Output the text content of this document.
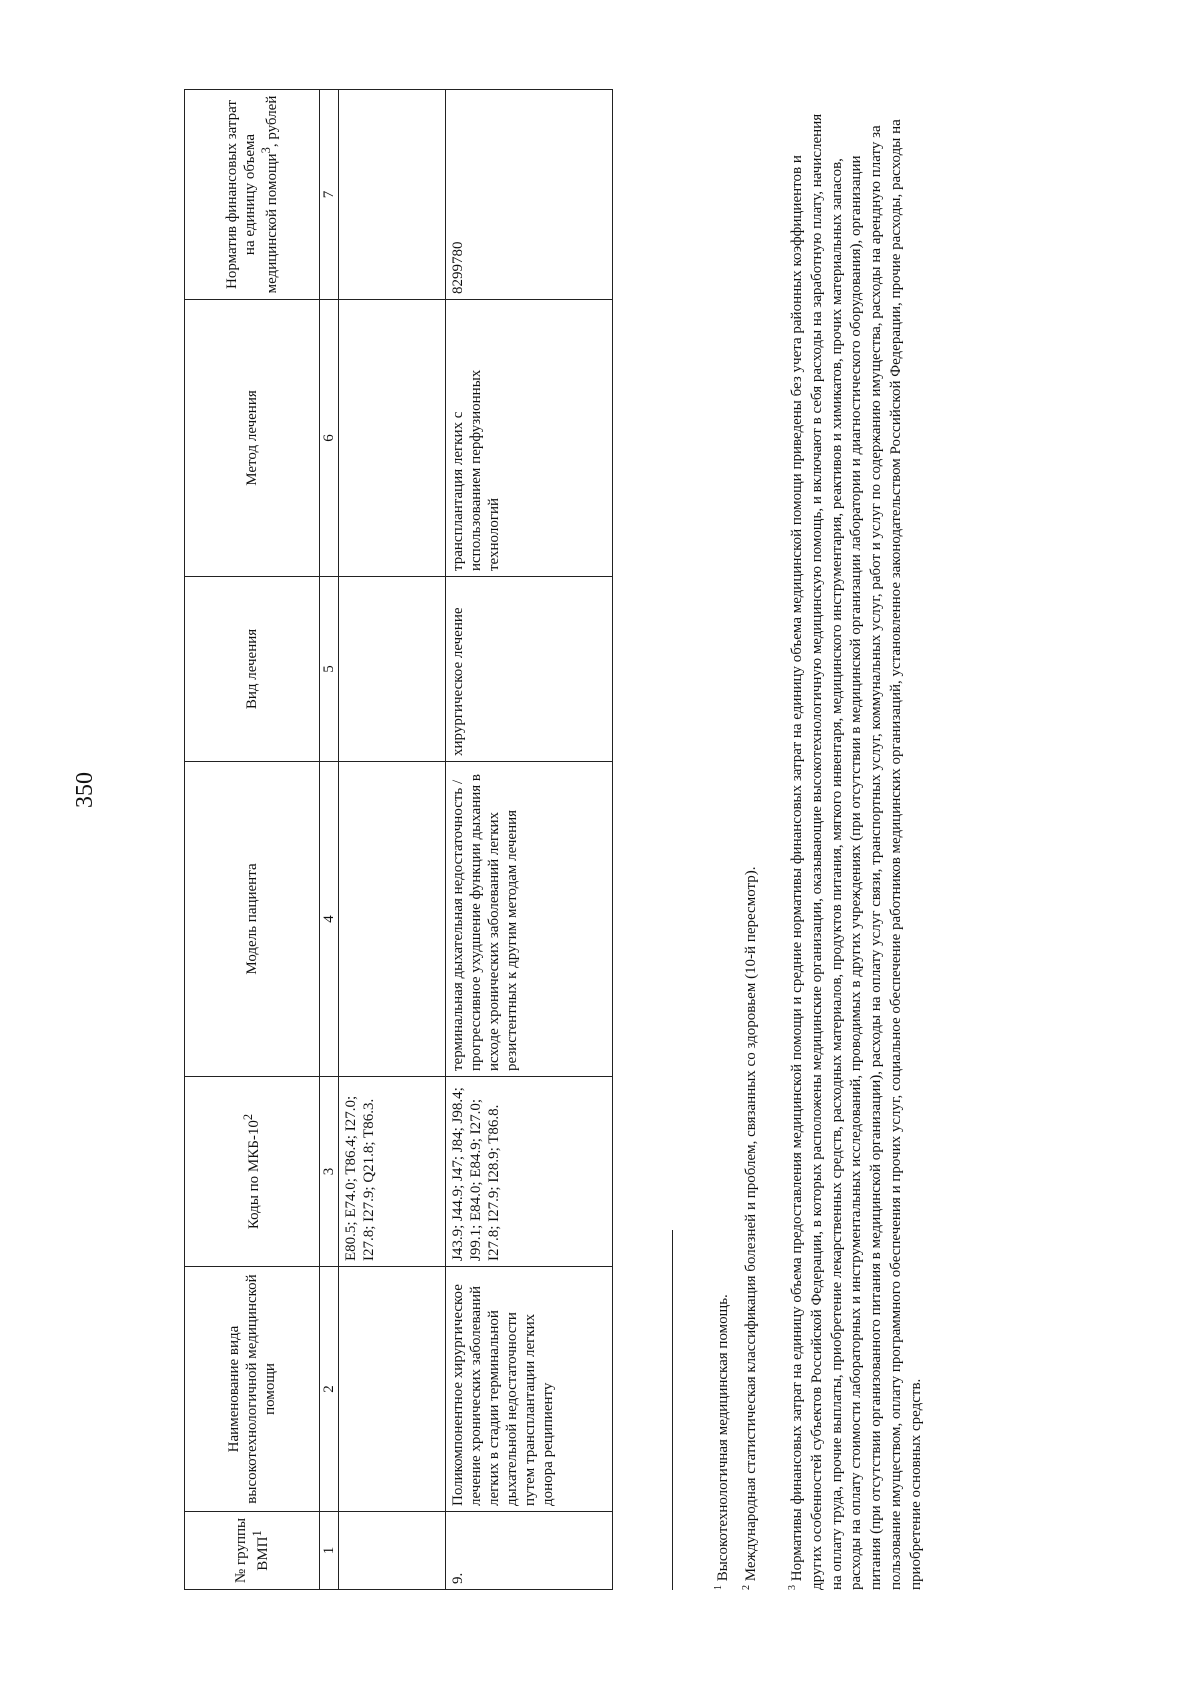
350
№ группы ВМП$^1$	Наименование вида высокотехнологичной медицинской помощи	Коды по МКБ-$10^2$	Модель пациента	Вид лечения	Метод лечения	Норматив финансовых затрат на единицу объема медицинской помощи$^3$, рублей
1	2	3	4	5	6	7
		E80.5; E74.0; T86.4; I27.0; I27.8; I27.9; Q21.8; T86.3.				
9.	Поликомпонентное хирургическое лечение хронических заболеваний легких в стадии терминальной дыхательной недостаточности путем трансплантации легких донора реципиенту	J43.9; J44.9; J47; J84; J98.4; J99.1; E84.0; E84.9; I27.0; I27.8; I27.9; I28.9; T86.8.	терминальная дыхательная недостаточность / прогрессивное ухудшение функции дыхания в исходе хронических заболеваний легких резистентных к другим методам лечения	хирургическое лечение	трансплантация легких с использованием перфузионных технологий	8299780
$^1$ Высокотехнологичная медицинская помощь.
$^2$ Международная статистическая классификация болезней и проблем, связанных со здоровьем (10-й пересмотр).
$^3$ Нормативы финансовых затрат на единицу объема предоставления медицинской помощи и средние нормативы финансовых затрат на единицу объема медицинской помощи приведены без учета районных коэффициентов и других особенностей субъектов Российской Федерации, в которых расположены медицинские организации, оказывающие высокотехнологичную медицинскую помощь, и включают в себя расходы на заработную плату, начисления на оплату труда, прочие выплаты, приобретение лекарственных средств, расходных материалов, продуктов питания, мягкого инвентаря, медицинского инструментария, реактивов и химикатов, прочих материальных запасов, расходы на оплату стоимости лабораторных и инструментальных исследований, проводимых в других учреждениях (при отсутствии в медицинской организации лаборатории и диагностического оборудования), организации питания (при отсутствии организованного питания в медицинской организации), расходы на оплату услуг связи, транспортных услуг, коммунальных услуг, работ и услуг по содержанию имущества, расходы на арендную плату за пользование имуществом, оплату программного обеспечения и прочих услуг, социальное обеспечение работников медицинских организаций, установленное законодательством Российской Федерации, прочие расходы, расходы на приобретение основных средств.
